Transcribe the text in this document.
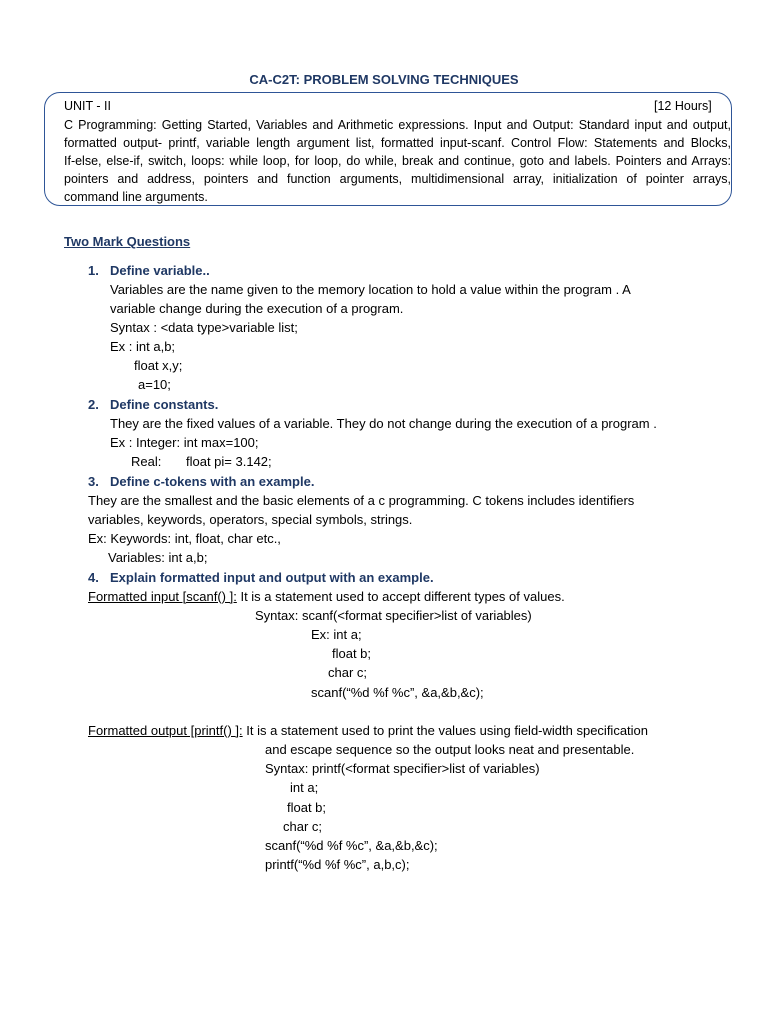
CA-C2T: PROBLEM SOLVING TECHNIQUES
UNIT - II	[12 Hours]
C Programming: Getting Started, Variables and Arithmetic expressions. Input and Output: Standard input and output,
formatted output- printf, variable length argument list, formatted input-scanf. Control Flow: Statements and Blocks,
If-else, else-if, switch, loops: while loop, for loop, do while, break and continue, goto and labels. Pointers and Arrays:
pointers and address, pointers and function arguments, multidimensional array, initialization of pointer arrays,
command line arguments.
Two Mark Questions
1. Define variable..
Variables are the name given to the memory location to hold a value within the program . A
variable change during the execution of a program.
Syntax : <data type>variable list;
Ex : int a,b;
float x,y;
a=10;
2. Define constants.
They are the fixed values of a variable. They do not change during the execution of a program .
Ex : Integer: int max=100;
Real: float pi= 3.142;
3. Define c-tokens with an example.
They are the smallest and the basic elements of a c programming. C tokens includes identifiers
variables, keywords, operators, special symbols, strings.
Ex: Keywords: int, float, char etc.,
Variables: int a,b;
4. Explain formatted input and output with an example.
Formatted input [scanf() ]: It is a statement used to accept different types of values.
Syntax: scanf(<format specifier>list of variables)
Ex: int a;
float b;
char c;
scanf(“%d %f %c”, &a,&b,&c);
Formatted output [printf() ]: It is a statement used to print the values using field-width specification
and escape sequence so the output looks neat and presentable.
Syntax: printf(<format specifier>list of variables)
int a;
float b;
char c;
scanf(“%d %f %c”, &a,&b,&c);
printf(“%d %f %c”, a,b,c);
